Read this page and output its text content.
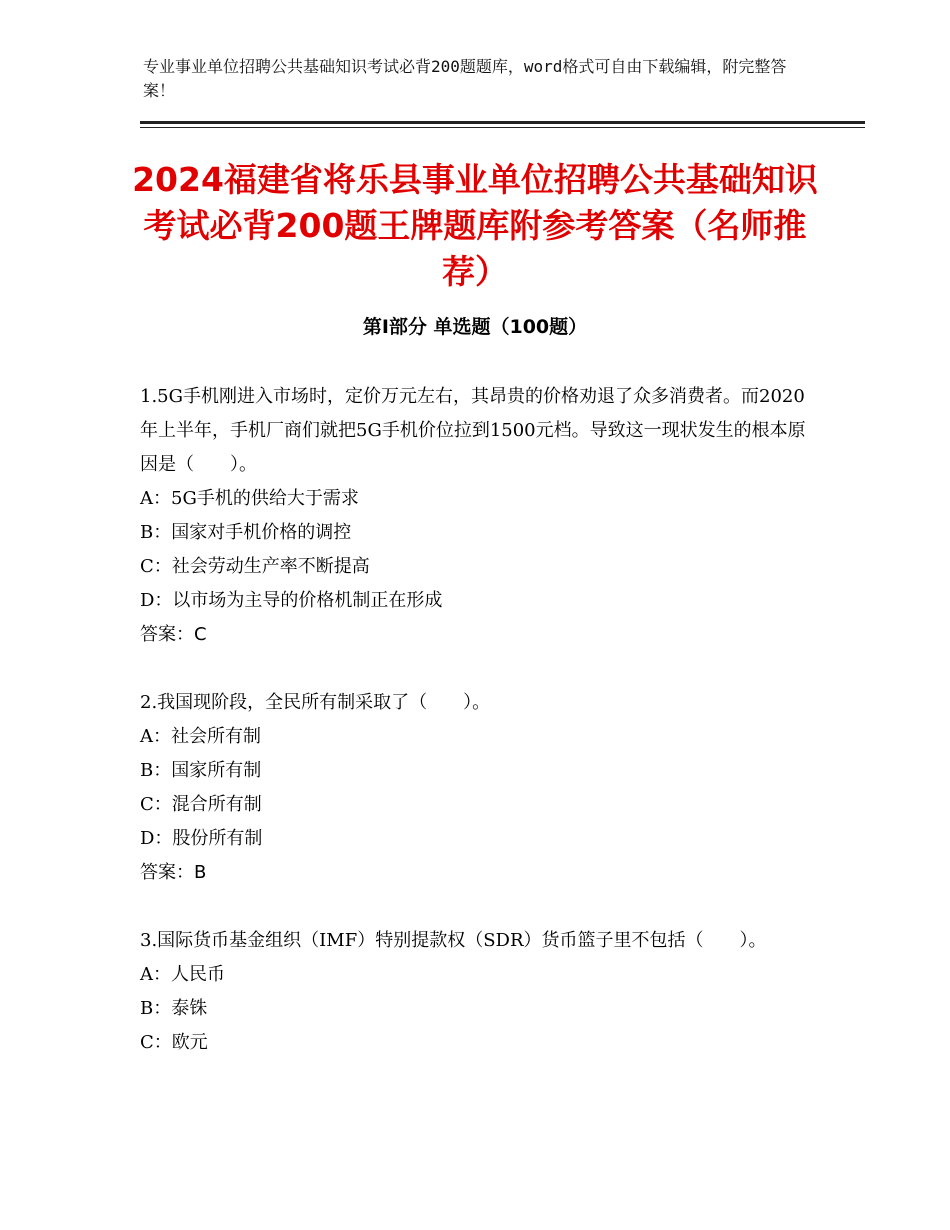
专业事业单位招聘公共基础知识考试必背200题题库，word格式可自由下载编辑，附完整答案！
2024福建省将乐县事业单位招聘公共基础知识考试必背200题王牌题库附参考答案（名师推荐）
第Ⅰ部分 单选题（100题）

1.5G手机刚进入市场时，定价万元左右，其昂贵的价格劝退了众多消费者。而2020年上半年，手机厂商们就把5G手机价位拉到1500元档。导致这一现状发生的根本原因是（　　）。

A：5G手机的供给大于需求

B：国家对手机价格的调控

C：社会劳动生产率不断提高

D：以市场为主导的价格机制正在形成

答案：C

2.我国现阶段，全民所有制采取了（　　）。

A：社会所有制

B：国家所有制

C：混合所有制

D：股份所有制

答案：B

3.国际货币基金组织（IMF）特别提款权（SDR）货币篮子里不包括（　　）。

A：人民币

B：泰铢

C：欧元
